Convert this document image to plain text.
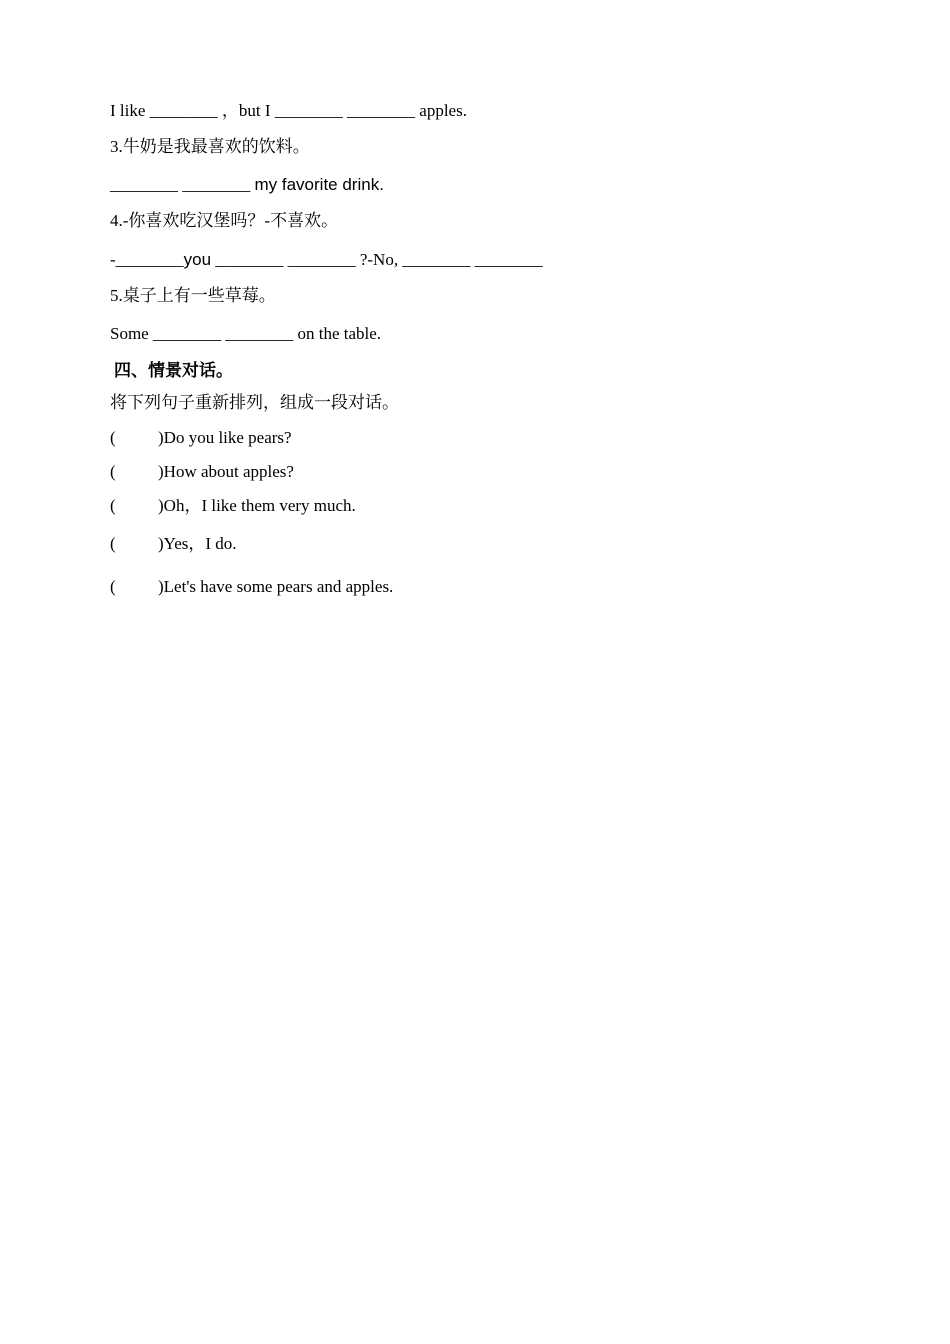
I like ________ ，but I ________ ________ apples.
3.牛奶是我最喜欢的饮料。
________ ________ my favorite drink.
4.-你喜欢吃汉堡吗？-不喜欢。
-________you ________ ________ ?-No, ________ ________
5.桌子上有一些草莓。
Some ________ ________ on the table.
四、情景对话。
将下列句子重新排列，组成一段对话。
( )Do you like pears?
( )How about apples?
( )Oh，I like them very much.
( )Yes，I do.
( )Let's have some pears and apples.
